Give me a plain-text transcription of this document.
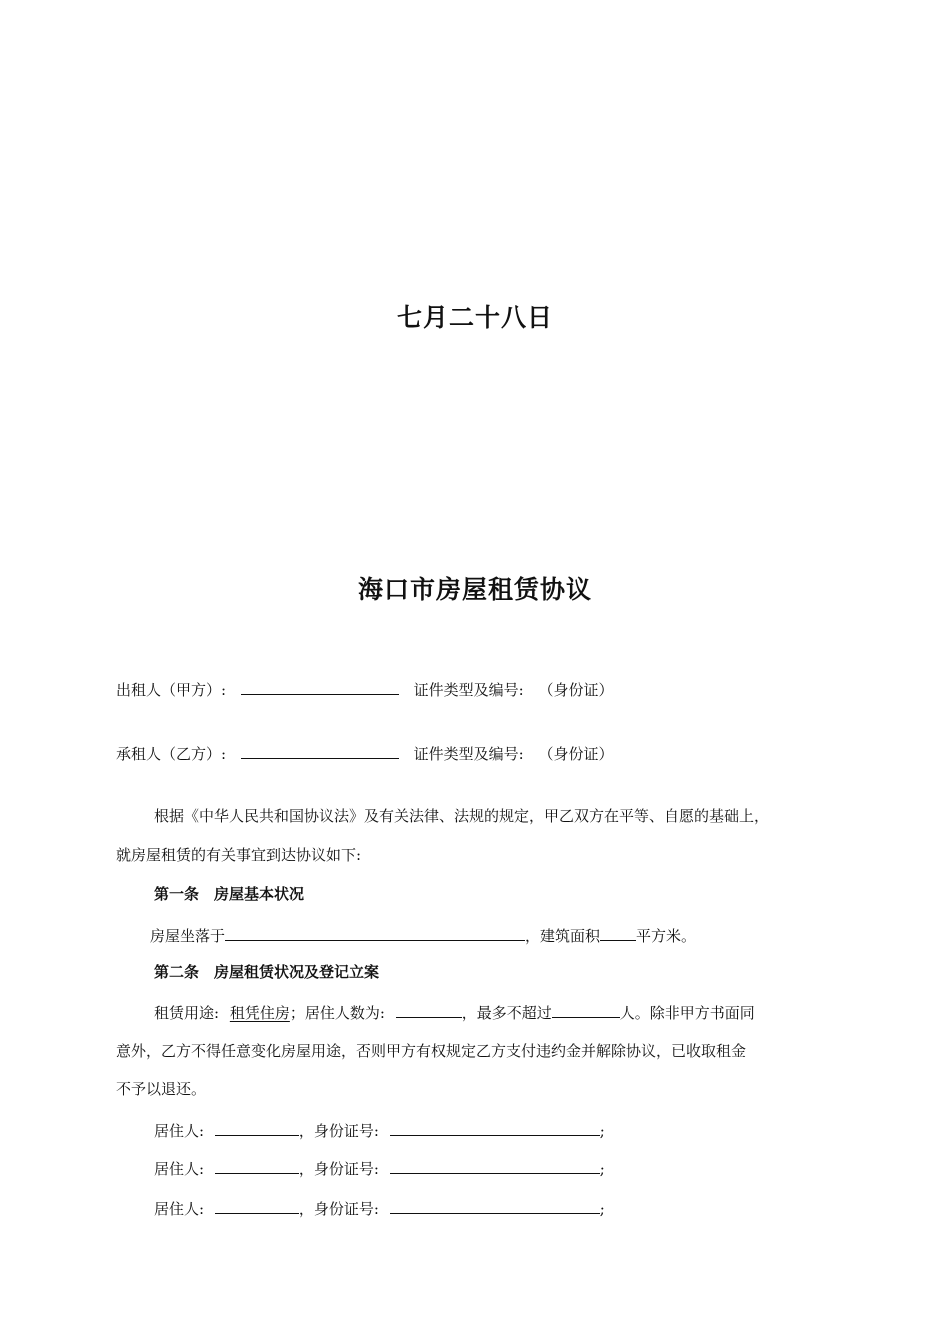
七月二十八日
海口市房屋租赁协议
出租人（甲方）:	证件类型及编号: （身份证）
承租人（乙方）:	证件类型及编号: （身份证）
根据《中华人民共和国协议法》及有关法律、法规的规定，甲乙双方在平等、自愿的基础上，
就房屋租赁的有关事宜到达协议如下:
第一条　房屋基本状况
房屋坐落于	，建筑面积 平方米。
第二条　房屋租赁状况及登记立案
租赁用途: 租凭住房；居住人数为:	，最多不超过	人。除非甲方书面同
意外，乙方不得任意变化房屋用途，否则甲方有权规定乙方支付违约金并解除协议，已收取租金
不予以退还。
居住人:	，身份证号:	;
居住人:	，身份证号:	;
居住人:	，身份证号:	;
